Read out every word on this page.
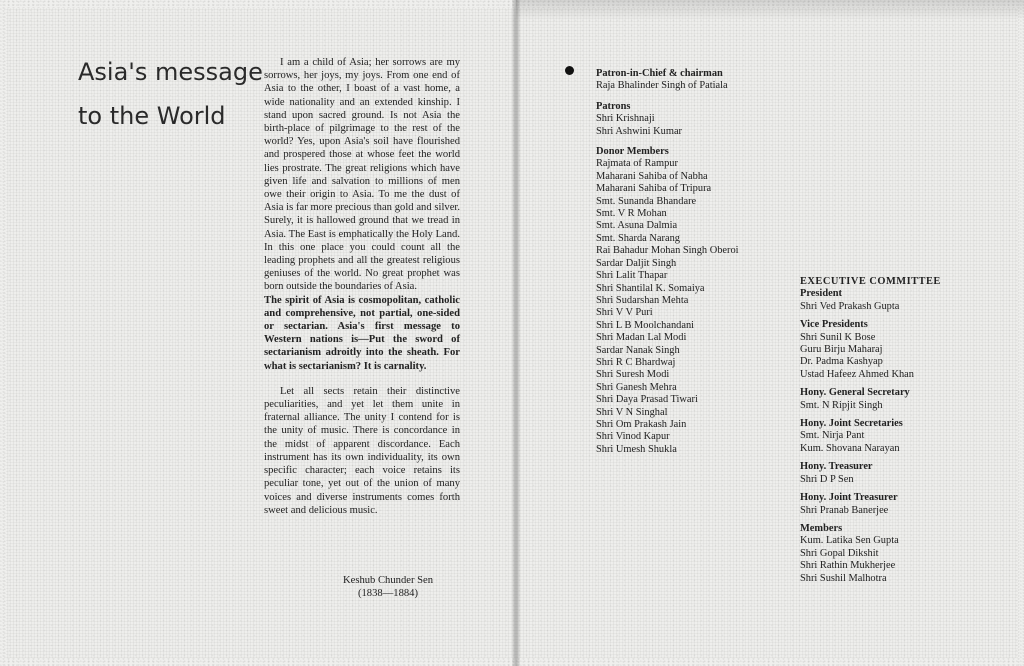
Asia's message to the World

I am a child of Asia; her sorrows are my sorrows, her joys, my joys. From one end of Asia to the other, I boast of a vast home, a wide nationality and an extended kinship. I stand upon sacred ground. Is not Asia the birth-place of pilgrimage to the rest of the world? Yes, upon Asia's soil have flourished and prospered those at whose feet the world lies prostrate. The great religions which have given life and salvation to millions of men owe their origin to Asia. To me the dust of Asia is far more precious than gold and silver. Surely, it is hallowed ground that we tread in Asia. The East is emphatically the Holy Land. In this one place you could count all the leading prophets and all the greatest religious geniuses of the world. No great prophet was born outside the boundaries of Asia.

The spirit of Asia is cosmopolitan, catholic and comprehensive, not partial, one-sided or sectarian. Asia's first message to Western nations is—Put the sword of sectarianism adroitly into the sheath. For what is sectarianism? It is carnality.

Let all sects retain their distinctive peculiarities, and yet let them unite in fraternal alliance. The unity I contend for is the unity of music. There is concordance in the midst of apparent discordance. Each instrument has its own individuality, its own specific character; each voice retains its peculiar tone, yet out of the union of many voices and diverse instruments comes forth sweet and delicious music.

Keshub Chunder Sen
(1838—1884)
Patron-in-Chief & chairman
Raja Bhalinder Singh of Patiala
Patrons
Shri Krishnaji
Shri Ashwini Kumar
Donor Members
Rajmata of Rampur
Maharani Sahiba of Nabha
Maharani Sahiba of Tripura
Smt. Sunanda Bhandare
Smt. V R Mohan
Smt. Asuna Dalmia
Smt. Sharda Narang
Rai Bahadur Mohan Singh Oberoi
Sardar Daljit Singh
Shri Lalit Thapar
Shri Shantilal K. Somaiya
Shri Sudarshan Mehta
Shri V V Puri
Shri L B Moolchandani
Shri Madan Lal Modi
Sardar Nanak Singh
Shri R C Bhardwaj
Shri Suresh Modi
Shri Ganesh Mehra
Shri Daya Prasad Tiwari
Shri V N Singhal
Shri Om Prakash Jain
Shri Vinod Kapur
Shri Umesh Shukla
EXECUTIVE COMMITTEE
President
Shri Ved Prakash Gupta
Vice Presidents
Shri Sunil K Bose
Guru Birju Maharaj
Dr. Padma Kashyap
Ustad Hafeez Ahmed Khan
Hony. General Secretary
Smt. N Ripjit Singh
Hony. Joint Secretaries
Smt. Nirja Pant
Kum. Shovana Narayan
Hony. Treasurer
Shri D P Sen
Hony. Joint Treasurer
Shri Pranab Banerjee
Members
Kum. Latika Sen Gupta
Shri Gopal Dikshit
Shri Rathin Mukherjee
Shri Sushil Malhotra
